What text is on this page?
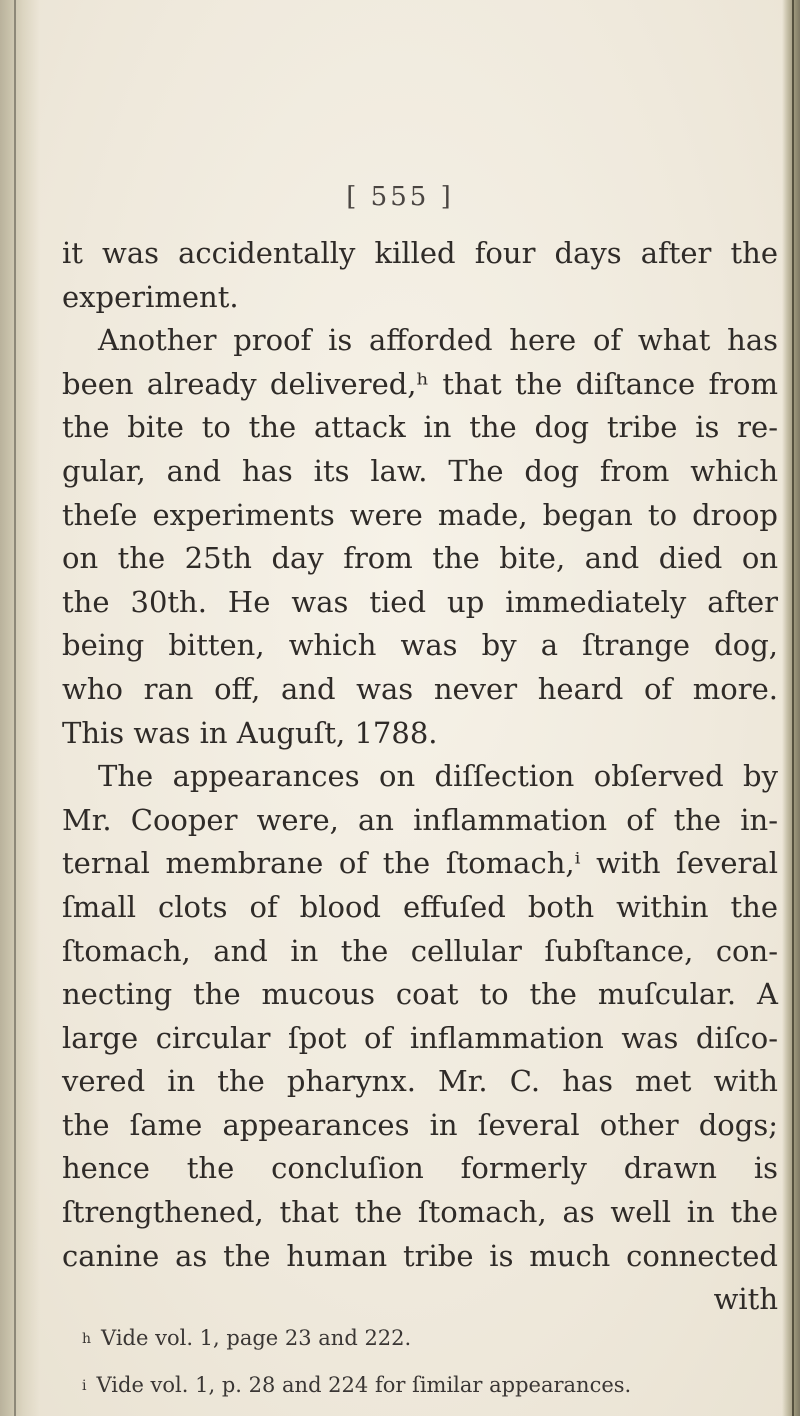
[ 555 ]
it was accidentally killed four days after the
experiment.
Another proof is afforded here of what has
been already delivered,ʰ that the diſtance from
the bite to the attack in the dog tribe is re-
gular, and has its law. The dog from which
theſe experiments were made, began to droop
on the 25th day from the bite, and died on
the 30th. He was tied up immediately after
being bitten, which was by a ſtrange dog,
who ran off, and was never heard of more.
This was in Auguſt, 1788.
The appearances on diſſection obſerved by
Mr. Cooper were, an inflammation of the in-
ternal membrane of the ſtomach,ⁱ with ſeveral
ſmall clots of blood effuſed both within the
ſtomach, and in the cellular ſubſtance, con-
necting the mucous coat to the muſcular. A
large circular ſpot of inflammation was diſco-
vered in the pharynx. Mr. C. has met with
the ſame appearances in ſeveral other dogs;
hence the concluſion formerly drawn is
ſtrengthened, that the ſtomach, as well in the
canine as the human tribe is much connected
with
h Vide vol. 1, page 23 and 222.
i Vide vol. 1, p. 28 and 224 for ſimilar appearances.
